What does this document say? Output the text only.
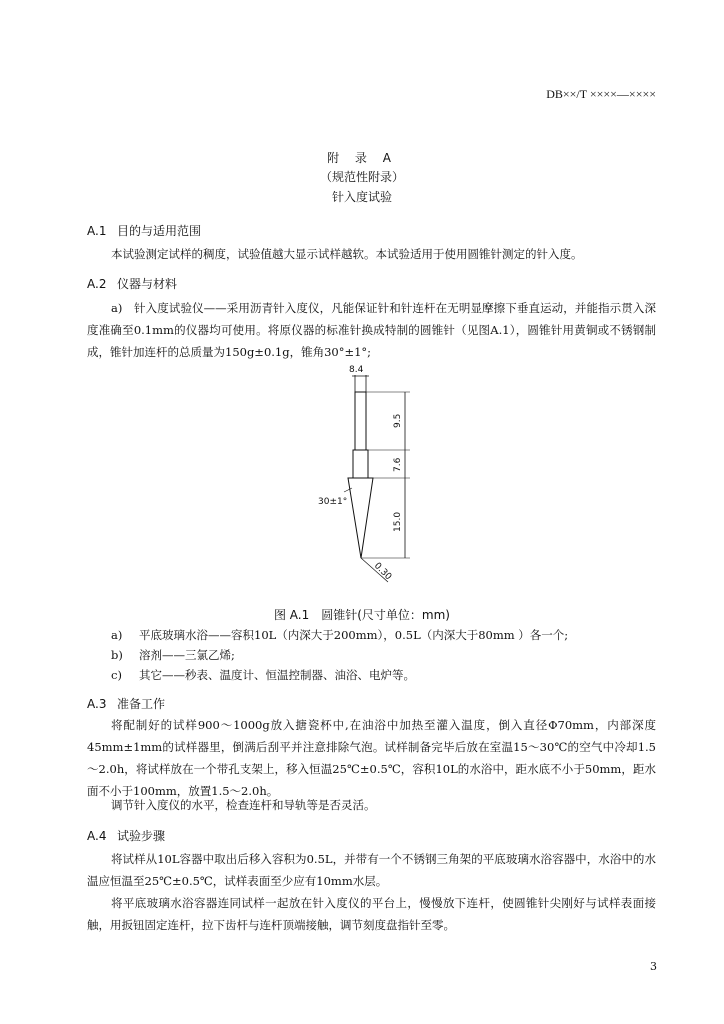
DB××/T ××××—××××
附 录 A
（规范性附录）
针入度试验
A.1 目的与适用范围
本试验测定试样的稠度，试验值越大显示试样越软。本试验适用于使用圆锥针测定的针入度。
A.2 仪器与材料
a)　针入度试验仪——采用沥青针入度仪，凡能保证针和针连杆在无明显摩擦下垂直运动，并能指示贯入深度准确至0.1mm的仪器均可使用。将原仪器的标准针换成特制的圆锥针（见图A.1），圆锥针用黄铜或不锈钢制成，锥针加连杆的总质量为150g±0.1g，锥角30°±1°;
8.4
9.5
7.6
15.0
30±1°
0.30
图 A.1　圆锥针(尺寸单位：mm)
a) 平底玻璃水浴——容积10L（内深大于200mm），0.5L（内深大于80mm ）各一个;
b) 溶剂——三氯乙烯;
c) 其它——秒表、温度计、恒温控制器、油浴、电炉等。
A.3 准备工作
将配制好的试样900～1000g放入搪瓷杯中,在油浴中加热至灌入温度，倒入直径Φ70mm，内部深度45mm±1mm的试样器里，倒满后刮平并注意排除气泡。试样制备完毕后放在室温15～30℃的空气中冷却1.5～2.0h，将试样放在一个带孔支架上，移入恒温25℃±0.5℃，容积10L的水浴中，距水底不小于50mm，距水面不小于100mm，放置1.5～2.0h。
调节针入度仪的水平，检查连杆和导轨等是否灵活。
A.4 试验步骤
将试样从10L容器中取出后移入容积为0.5L，并带有一个不锈钢三角架的平底玻璃水浴容器中，水浴中的水温应恒温至25℃±0.5℃，试样表面至少应有10mm水层。
将平底玻璃水浴容器连同试样一起放在针入度仪的平台上，慢慢放下连杆，使圆锥针尖刚好与试样表面接触，用扳钮固定连杆，拉下齿杆与连杆顶端接触，调节刻度盘指针至零。
3
